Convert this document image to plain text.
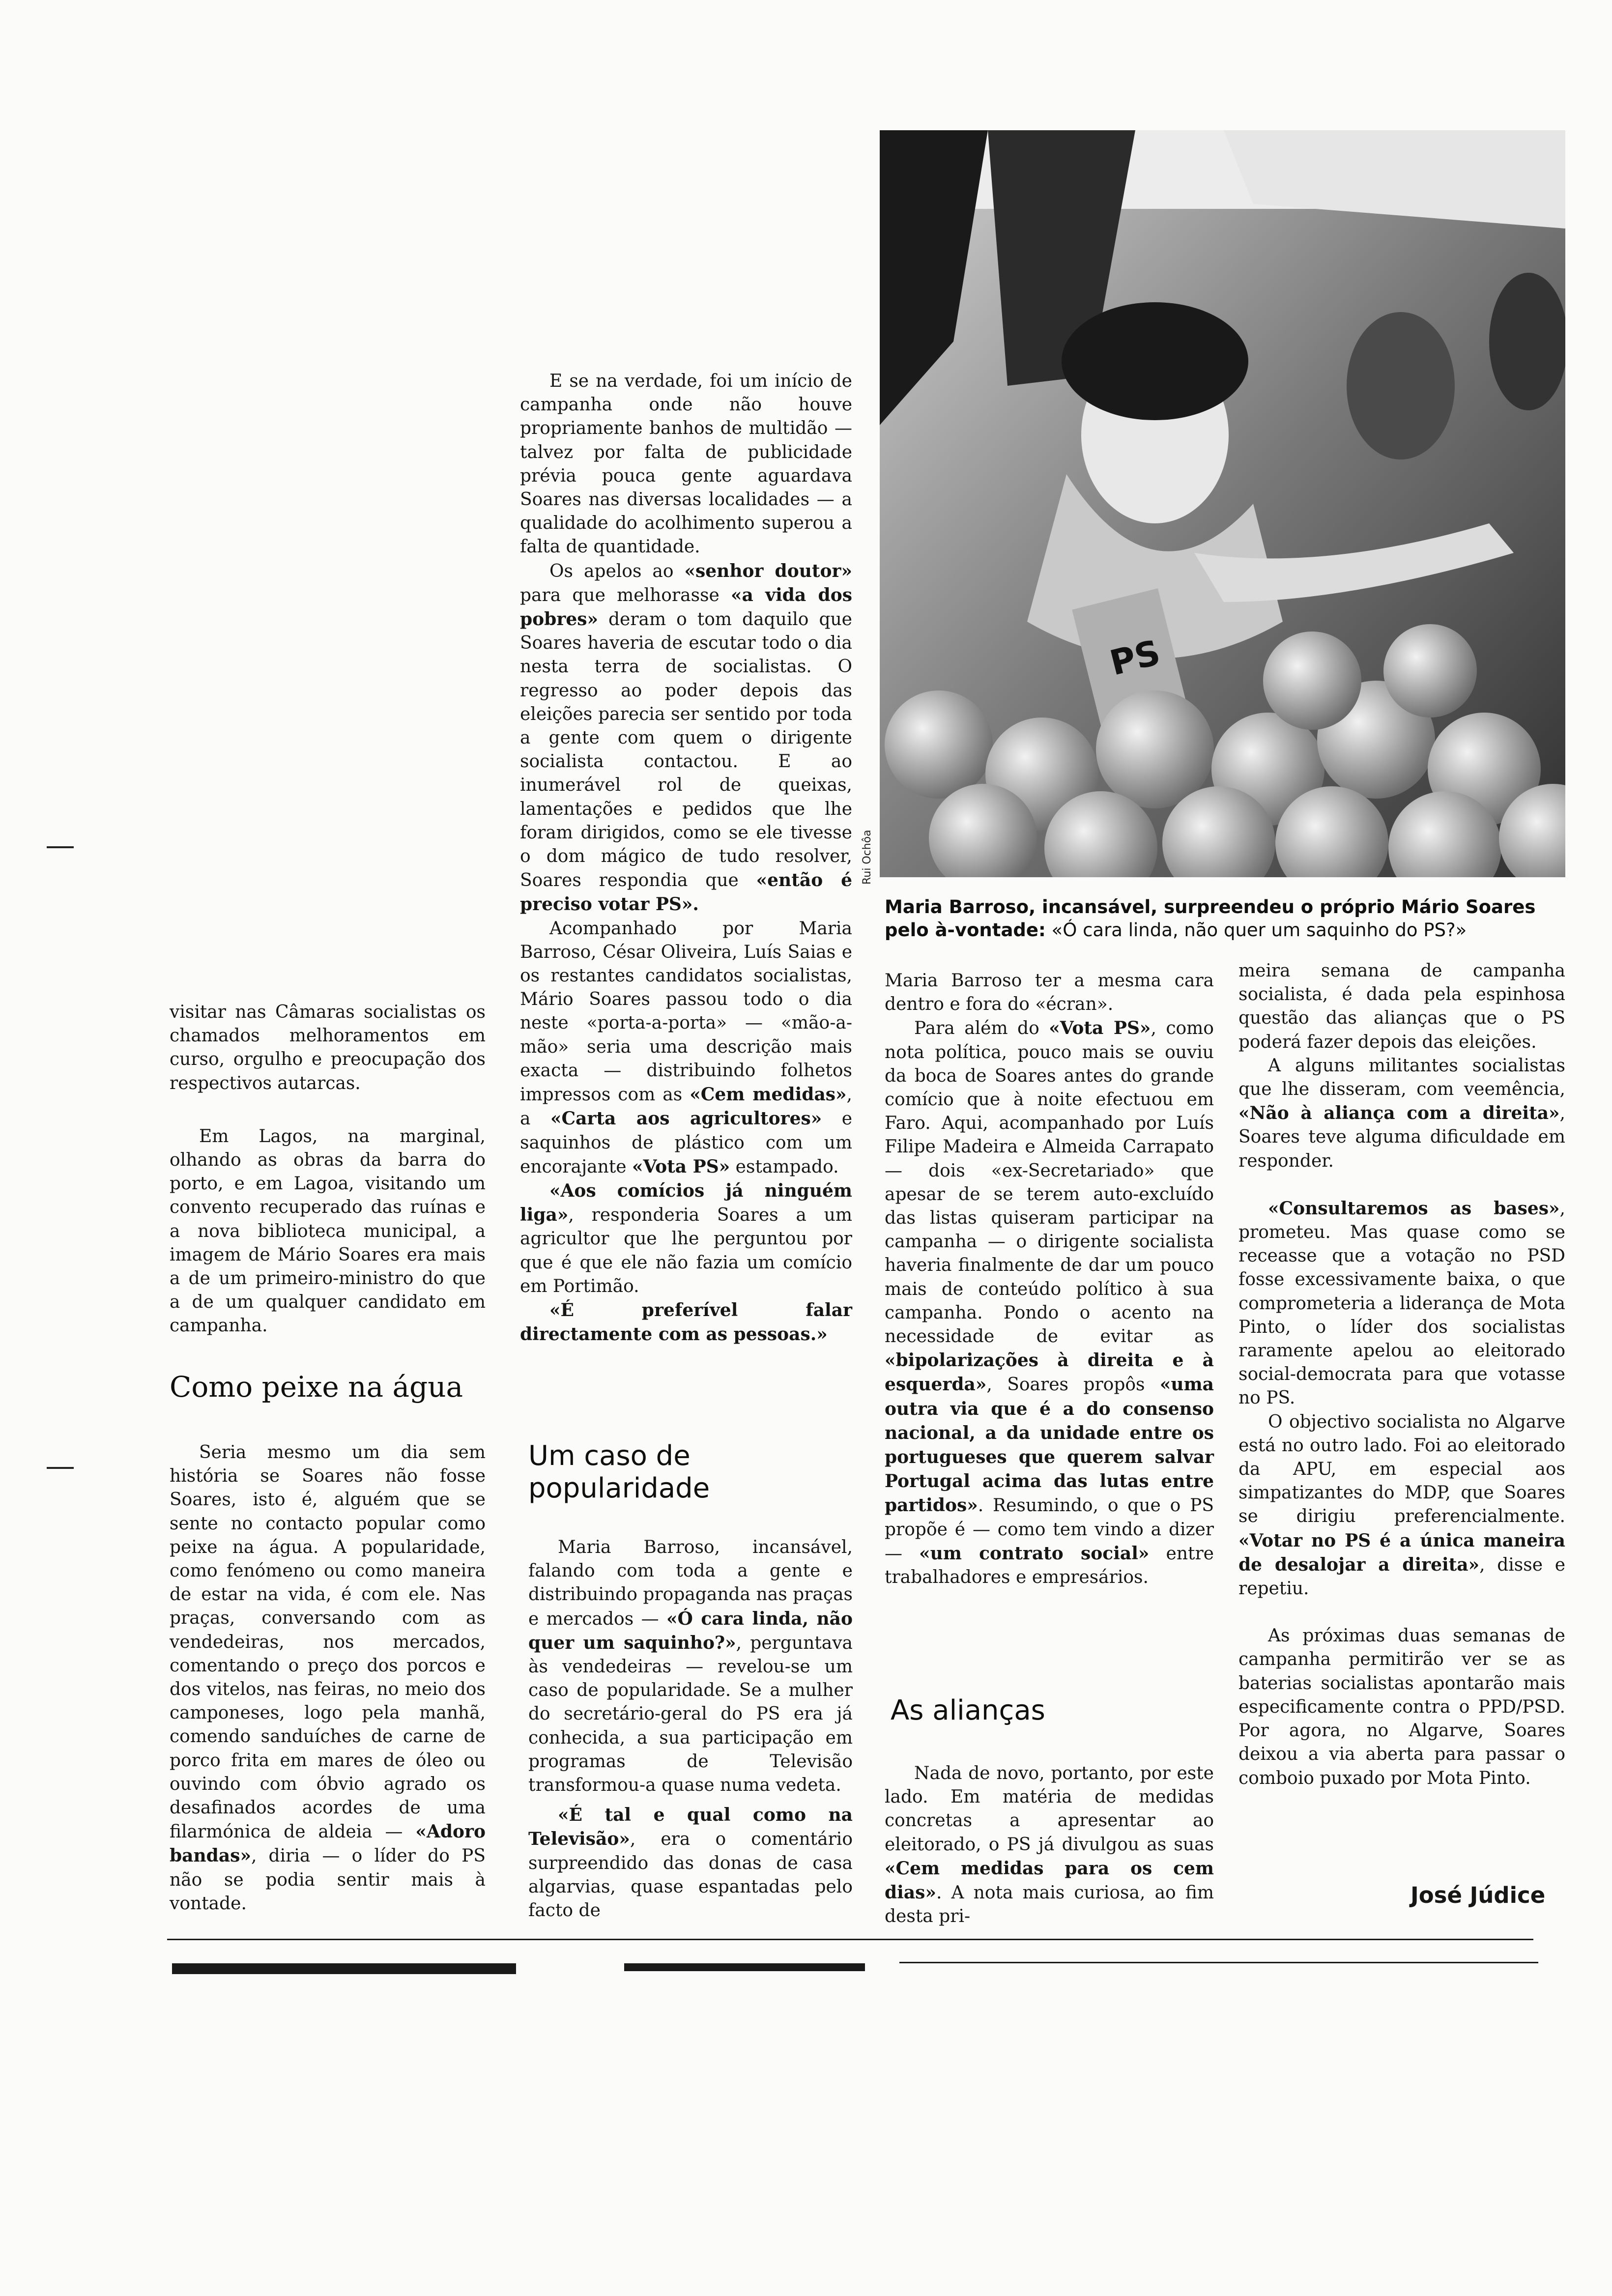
visitar nas Câmaras socialistas os chamados melhoramentos em curso, orgulho e preocupação dos respectivos autarcas.

Em Lagos, na marginal, olhando as obras da barra do porto, e em Lagoa, visitando um convento recuperado das ruínas e a nova biblioteca municipal, a imagem de Mário Soares era mais a de um primeiro-ministro do que a de um qualquer candidato em campanha.

Como peixe na água

Seria mesmo um dia sem história se Soares não fosse Soares, isto é, alguém que se sente no contacto popular como peixe na água. A popularidade, como fenómeno ou como maneira de estar na vida, é com ele. Nas praças, conversando com as vendedeiras, nos mercados, comentando o preço dos porcos e dos vitelos, nas feiras, no meio dos camponeses, logo pela manhã, comendo sanduíches de carne de porco frita em mares de óleo ou ouvindo com óbvio agrado os desafinados acordes de uma filarmónica de aldeia — «Adoro bandas», diria — o líder do PS não se podia sentir mais à vontade.

E se na verdade, foi um início de campanha onde não houve propriamente banhos de multidão — talvez por falta de publicidade prévia pouca gente aguardava Soares nas diversas localidades — a qualidade do acolhimento superou a falta de quantidade.

Os apelos ao «senhor doutor» para que melhorasse «a vida dos pobres» deram o tom daquilo que Soares haveria de escutar todo o dia nesta terra de socialistas. O regresso ao poder depois das eleições parecia ser sentido por toda a gente com quem o dirigente socialista contactou. E ao inumerável rol de queixas, lamentações e pedidos que lhe foram dirigidos, como se ele tivesse o dom mágico de tudo resolver, Soares respondia que «então é preciso votar PS».

Acompanhado por Maria Barroso, César Oliveira, Luís Saias e os restantes candidatos socialistas, Mário Soares passou todo o dia neste «porta-a-porta» — «mão-a-mão» seria uma descrição mais exacta — distribuindo folhetos impressos com as «Cem medidas», a «Carta aos agricultores» e saquinhos de plástico com um encorajante «Vota PS» estampado.

«Aos comícios já ninguém liga», responderia Soares a um agricultor que lhe perguntou por que é que ele não fazia um comício em Portimão.

«É preferível falar directamente com as pessoas.»

Um caso de popularidade

Maria Barroso, incansável, falando com toda a gente e distribuindo propaganda nas praças e mercados — «Ó cara linda, não quer um saquinho?», perguntava às vendedeiras — revelou-se um caso de popularidade. Se a mulher do secretário-geral do PS era já conhecida, a sua participação em programas de Televisão transformou-a quase numa vedeta.

«É tal e qual como na Televisão», era o comentário surpreendido das donas de casa algarvias, quase espantadas pelo facto de

PS
Rui Ochôa
Maria Barroso, incansável, surpreendeu o próprio Mário Soares pelo à-vontade: «Ó cara linda, não quer um saquinho do PS?»

Maria Barroso ter a mesma cara dentro e fora do «écran».

Para além do «Vota PS», como nota política, pouco mais se ouviu da boca de Soares antes do grande comício que à noite efectuou em Faro. Aqui, acompanhado por Luís Filipe Madeira e Almeida Carrapato — dois «ex-Secretariado» que apesar de se terem auto-excluído das listas quiseram participar na campanha — o dirigente socialista haveria finalmente de dar um pouco mais de conteúdo político à sua campanha. Pondo o acento na necessidade de evitar as «bipolarizações à direita e à esquerda», Soares propôs «uma outra via que é a do consenso nacional, a da unidade entre os portugueses que querem salvar Portugal acima das lutas entre partidos». Resumindo, o que o PS propõe é — como tem vindo a dizer — «um contrato social» entre trabalhadores e empresários.

As alianças

Nada de novo, portanto, por este lado. Em matéria de medidas concretas a apresentar ao eleitorado, o PS já divulgou as suas «Cem medidas para os cem dias». A nota mais curiosa, ao fim desta pri-

meira semana de campanha socialista, é dada pela espinhosa questão das alianças que o PS poderá fazer depois das eleições.

A alguns militantes socialistas que lhe disseram, com veemência, «Não à aliança com a direita», Soares teve alguma dificuldade em responder.

«Consultaremos as bases», prometeu. Mas quase como se receasse que a votação no PSD fosse excessivamente baixa, o que comprometeria a liderança de Mota Pinto, o líder dos socialistas raramente apelou ao eleitorado social-democrata para que votasse no PS.

O objectivo socialista no Algarve está no outro lado. Foi ao eleitorado da APU, em especial aos simpatizantes do MDP, que Soares se dirigiu preferencialmente. «Votar no PS é a única maneira de desalojar a direita», disse e repetiu.

As próximas duas semanas de campanha permitirão ver se as baterias socialistas apontarão mais especificamente contra o PPD/PSD. Por agora, no Algarve, Soares deixou a via aberta para passar o comboio puxado por Mota Pinto.

José Júdice
